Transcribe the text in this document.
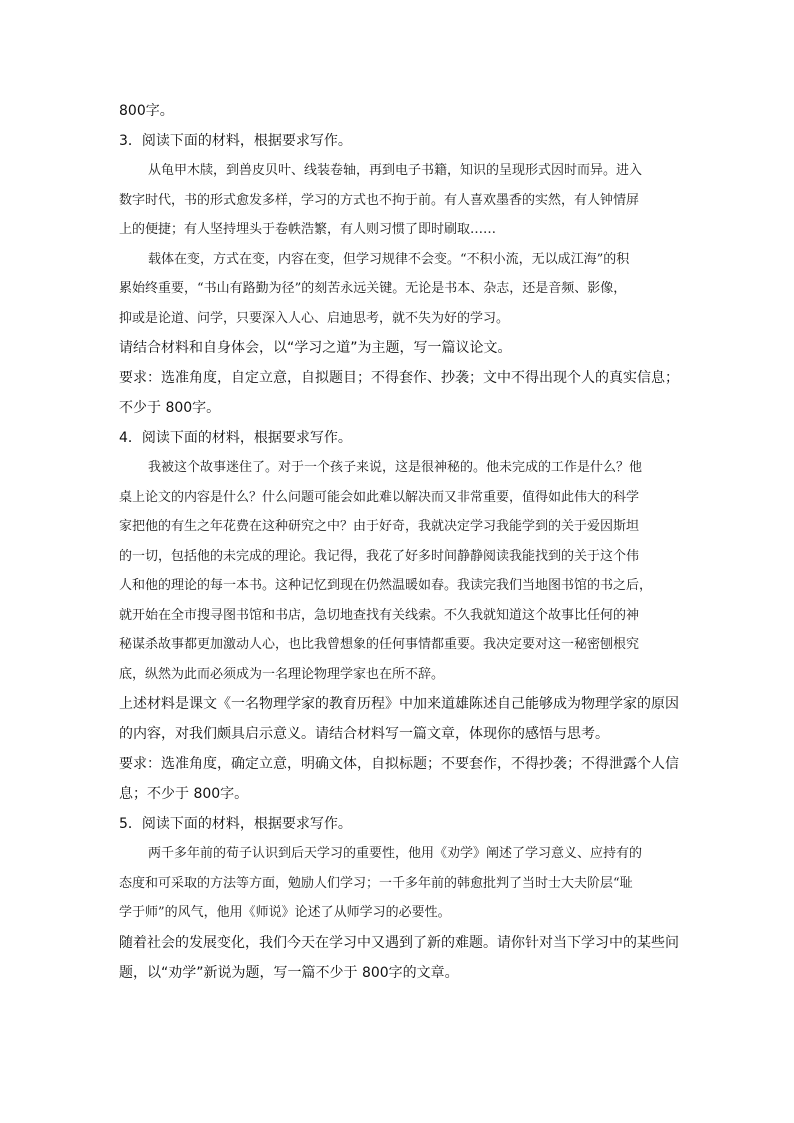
800字。
3．阅读下面的材料，根据要求写作。
从龟甲木牍，到兽皮贝叶、线装卷轴，再到电子书籍，知识的呈现形式因时而异。进入
数字时代，书的形式愈发多样，学习的方式也不拘于前。有人喜欢墨香的实然，有人钟情屏
上的便捷；有人坚持埋头于卷帙浩繁，有人则习惯了即时刷取……
载体在变，方式在变，内容在变，但学习规律不会变。“不积小流，无以成江海”的积
累始终重要，“书山有路勤为径”的刻苦永远关键。无论是书本、杂志，还是音频、影像，
抑或是论道、问学，只要深入人心、启迪思考，就不失为好的学习。
请结合材料和自身体会，以“学习之道”为主题，写一篇议论文。
要求：选准角度，自定立意，自拟题目；不得套作、抄袭；文中不得出现个人的真实信息；
不少于 800字。
4．阅读下面的材料，根据要求写作。
我被这个故事迷住了。对于一个孩子来说，这是很神秘的。他未完成的工作是什么？他
桌上论文的内容是什么？什么问题可能会如此难以解决而又非常重要，值得如此伟大的科学
家把他的有生之年花费在这种研究之中？由于好奇，我就决定学习我能学到的关于爱因斯坦
的一切，包括他的未完成的理论。我记得，我花了好多时间静静阅读我能找到的关于这个伟
人和他的理论的每一本书。这种记忆到现在仍然温暖如春。我读完我们当地图书馆的书之后，
就开始在全市搜寻图书馆和书店，急切地查找有关线索。不久我就知道这个故事比任何的神
秘谋杀故事都更加激动人心，也比我曾想象的任何事情都重要。我决定要对这一秘密刨根究
底，纵然为此而必须成为一名理论物理学家也在所不辞。
上述材料是课文《一名物理学家的教育历程》中加来道雄陈述自己能够成为物理学家的原因
的内容，对我们颇具启示意义。请结合材料写一篇文章，体现你的感悟与思考。
要求：选准角度，确定立意，明确文体，自拟标题；不要套作，不得抄袭；不得泄露个人信
息；不少于 800字。
5．阅读下面的材料，根据要求写作。
两千多年前的荀子认识到后天学习的重要性，他用《劝学》阐述了学习意义、应持有的
态度和可采取的方法等方面，勉励人们学习；一千多年前的韩愈批判了当时士大夫阶层“耻
学于师”的风气，他用《师说》论述了从师学习的必要性。
随着社会的发展变化，我们今天在学习中又遇到了新的难题。请你针对当下学习中的某些问
题，以“劝学”新说为题，写一篇不少于 800字的文章。
